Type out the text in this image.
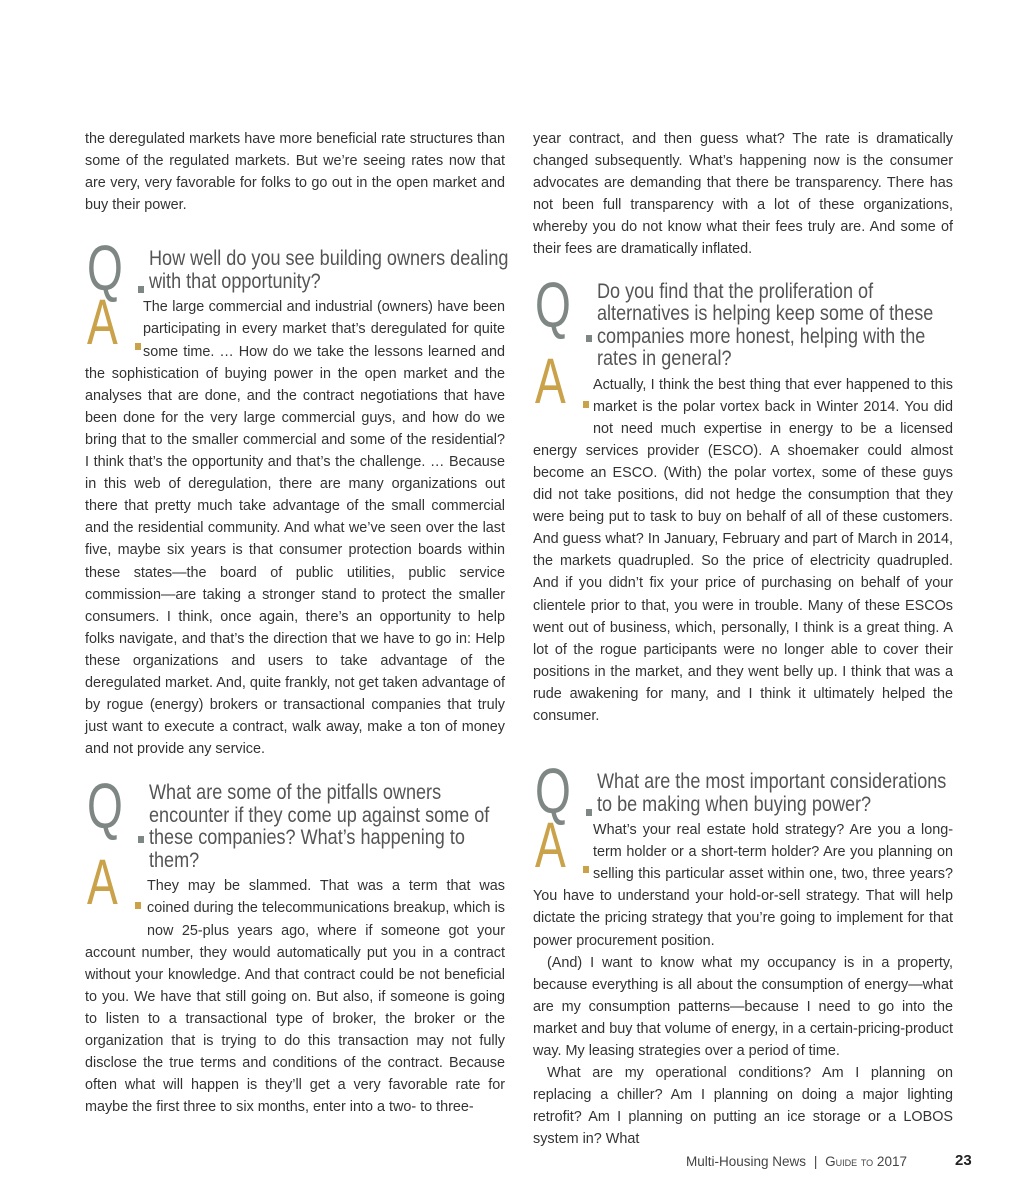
the deregulated markets have more beneficial rate structures than some of the regulated markets. But we’re seeing rates now that are very, very favorable for folks to go out in the open market and buy their power.

Q How well do you see building owners dealing with that opportunity?
A	The large commercial and industrial (owners) have been participating in every market that’s deregulated for quite some time. … How do we take the lessons learned and the sophistication of buying power in the open market and the analyses that are done, and the contract negotiations that have been done for the very large commercial guys, and how do we bring that to the smaller commercial and some of the residential? I think that’s the opportunity and that’s the challenge. … Because in this web of deregulation, there are many organizations out there that pretty much take advantage of the small commercial and the residential community. And what we’ve seen over the last five, maybe six years is that consumer protection boards within these states—the board of public utilities, public service commission—are taking a stronger stand to protect the smaller consumers. I think, once again, there’s an opportunity to help folks navigate, and that’s the direction that we have to go in: Help these organizations and users to take advantage of the deregulated market. And, quite frankly, not get taken advantage of by rogue (energy) brokers or transactional companies that truly just want to execute a contract, walk away, make a ton of money and not provide any service.

Q What are some of the pitfalls owners encounter if they come up against some of these companies? What’s happening to them?
A	They may be slammed. That was a term that was coined during the telecommunications breakup, which is now 25-plus years ago, where if someone got your account number, they would automatically put you in a contract without your knowledge. And that contract could be not beneficial to you. We have that still going on. But also, if someone is going to listen to a transactional type of broker, the broker or the organization that is trying to do this transaction may not fully disclose the true terms and conditions of the contract. Because often what will happen is they’ll get a very favorable rate for maybe the first three to six months, enter into a two- to three-

year contract, and then guess what? The rate is dramatically changed subsequently. What’s happening now is the consumer advocates are demanding that there be transparency. There has not been full transparency with a lot of these organizations, whereby you do not know what their fees truly are. And some of their fees are dramatically inflated.

Q Do you find that the proliferation of alternatives is helping keep some of these companies more honest, helping with the rates in general?
A	Actually, I think the best thing that ever happened to this market is the polar vortex back in Winter 2014. You did not need much expertise in energy to be a licensed energy services provider (ESCO). A shoemaker could almost become an ESCO. (With) the polar vortex, some of these guys did not take positions, did not hedge the consumption that they were being put to task to buy on behalf of all of these customers. And guess what? In January, February and part of March in 2014, the markets quadrupled. So the price of electricity quadrupled. And if you didn’t fix your price of purchasing on behalf of your clientele prior to that, you were in trouble. Many of these ESCOs went out of business, which, personally, I think is a great thing. A lot of the rogue participants were no longer able to cover their positions in the market, and they went belly up. I think that was a rude awakening for many, and I think it ultimately helped the consumer.

Q What are the most important considerations to be making when buying power?
A	What’s your real estate hold strategy? Are you a long-term holder or a short-term holder? Are you planning on selling this particular asset within one, two, three years? You have to understand your hold-or-sell strategy. That will help dictate the pricing strategy that you’re going to implement for that power procurement position.

(And) I want to know what my occupancy is in a property, because everything is all about the consumption of energy—what are my consumption patterns—because I need to go into the market and buy that volume of energy, in a certain-pricing-product way. My leasing strategies over a period of time.

What are my operational conditions? Am I planning on replacing a chiller? Am I planning on doing a major lighting retrofit? Am I planning on putting an ice storage or a LOBOS system in? What

Multi-Housing News | Guide to 2017	23
